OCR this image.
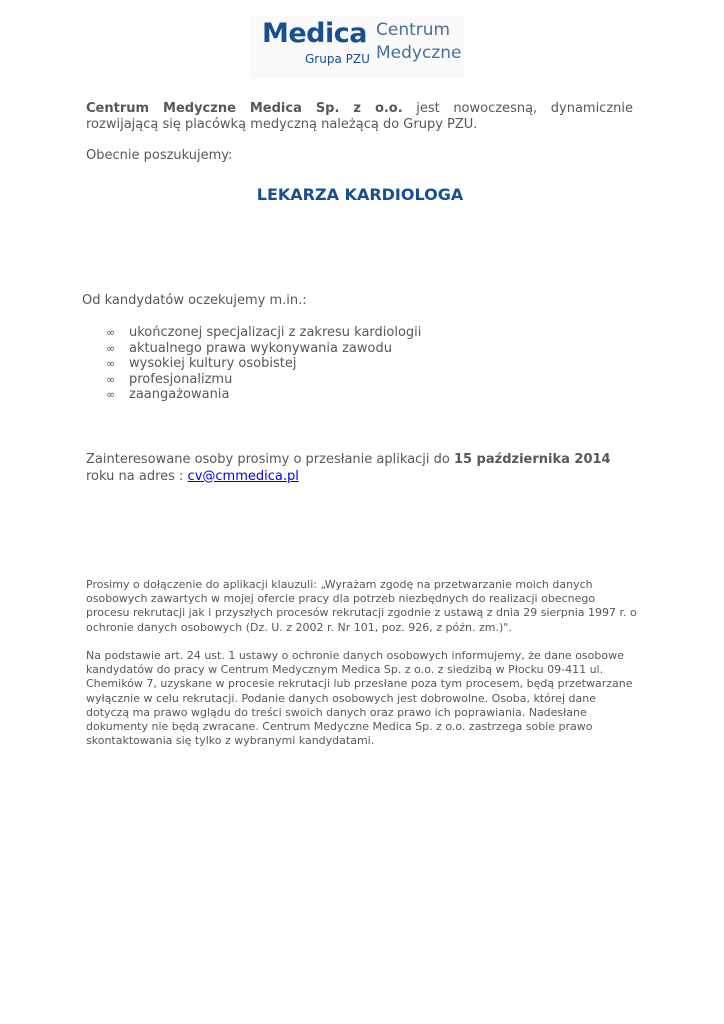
Medica
Grupa PZU
Centrum
Medyczne

Centrum Medyczne Medica Sp. z o.o. jest nowoczesną, dynamicznie rozwijającą się placówką medyczną należącą do Grupy PZU.

Obecnie poszukujemy:
LEKARZA KARDIOLOGA
Od kandydatów oczekujemy m.in.:
∞ ukończonej specjalizacji z zakresu kardiologii
∞ aktualnego prawa wykonywania zawodu
∞ wysokiej kultury osobistej
∞ profesjonalizmu
∞ zaangażowania

Zainteresowane osoby prosimy o przesłanie aplikacji do 15 października 2014 roku na adres : cv@cmmedica.pl

Prosimy o dołączenie do aplikacji klauzuli: „Wyrażam zgodę na przetwarzanie moich danych osobowych zawartych w mojej ofercie pracy dla potrzeb niezbędnych do realizacji obecnego procesu rekrutacji jak i przyszłych procesów rekrutacji zgodnie z ustawą z dnia 29 sierpnia 1997 r. o ochronie danych osobowych (Dz. U. z 2002 r. Nr 101, poz. 926, z późn. zm.)".

Na podstawie art. 24 ust. 1 ustawy o ochronie danych osobowych informujemy, że dane osobowe kandydatów do pracy w Centrum Medycznym Medica Sp. z o.o. z siedzibą w Płocku 09-411 ul. Chemików 7, uzyskane w procesie rekrutacji lub przesłane poza tym procesem, będą przetwarzane wyłącznie w celu rekrutacji. Podanie danych osobowych jest dobrowolne. Osoba, której dane dotyczą ma prawo wglądu do treści swoich danych oraz prawo ich poprawiania. Nadesłane dokumenty nie będą zwracane. Centrum Medyczne Medica Sp. z o.o. zastrzega sobie prawo skontaktowania się tylko z wybranymi kandydatami.
